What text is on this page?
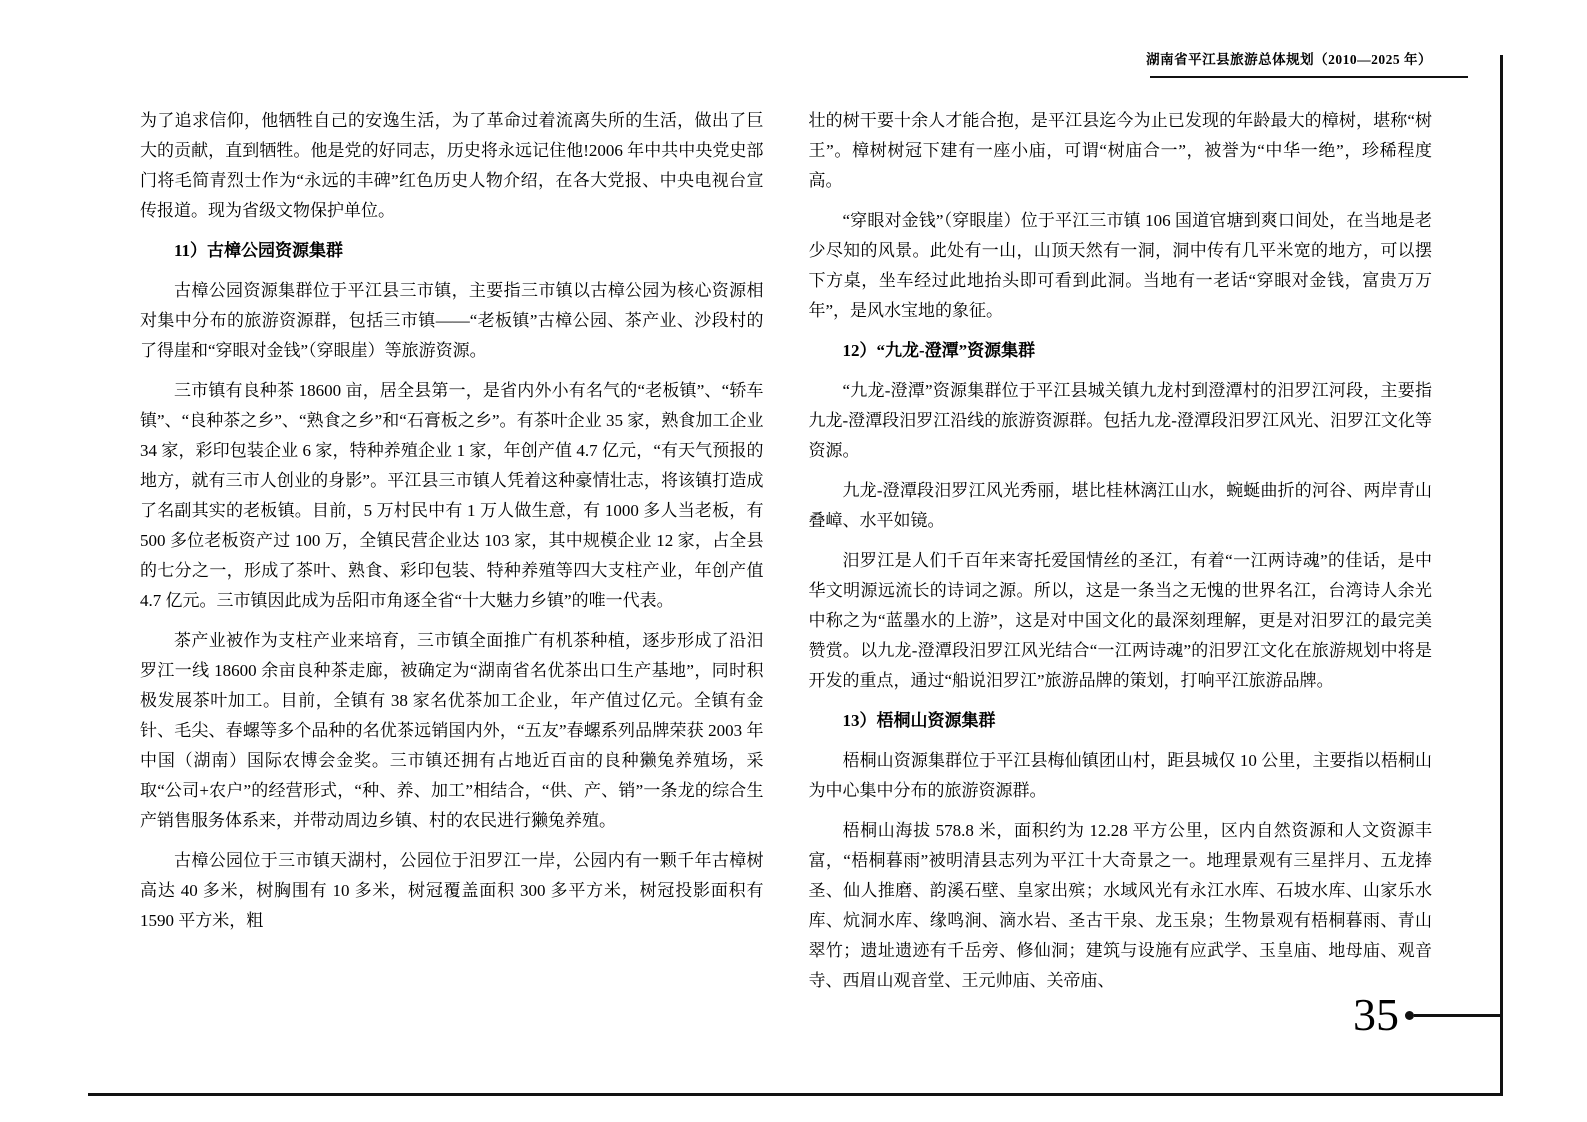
湖南省平江县旅游总体规划（2010—2025 年）

为了追求信仰，他牺牲自己的安逸生活，为了革命过着流离失所的生活，做出了巨大的贡献，直到牺牲。他是党的好同志，历史将永远记住他!2006 年中共中央党史部门将毛简青烈士作为“永远的丰碑”红色历史人物介绍，在各大党报、中央电视台宣传报道。现为省级文物保护单位。

11）古樟公园资源集群

古樟公园资源集群位于平江县三市镇，主要指三市镇以古樟公园为核心资源相对集中分布的旅游资源群，包括三市镇——“老板镇”古樟公园、茶产业、沙段村的了得崖和“穿眼对金钱”（穿眼崖）等旅游资源。

三市镇有良种茶 18600 亩，居全县第一，是省内外小有名气的“老板镇”、“轿车镇”、“良种茶之乡”、“熟食之乡”和“石膏板之乡”。有茶叶企业 35 家，熟食加工企业 34 家，彩印包装企业 6 家，特种养殖企业 1 家，年创产值 4.7 亿元，“有天气预报的地方，就有三市人创业的身影”。平江县三市镇人凭着这种豪情壮志，将该镇打造成了名副其实的老板镇。目前，5 万村民中有 1 万人做生意，有 1000 多人当老板，有 500 多位老板资产过 100 万，全镇民营企业达 103 家，其中规模企业 12 家，占全县的七分之一，形成了茶叶、熟食、彩印包装、特种养殖等四大支柱产业，年创产值 4.7 亿元。三市镇因此成为岳阳市角逐全省“十大魅力乡镇”的唯一代表。

茶产业被作为支柱产业来培育，三市镇全面推广有机茶种植，逐步形成了沿汨罗江一线 18600 余亩良种茶走廊，被确定为“湖南省名优茶出口生产基地”，同时积极发展茶叶加工。目前，全镇有 38 家名优茶加工企业，年产值过亿元。全镇有金针、毛尖、春螺等多个品种的名优茶远销国内外，“五友”春螺系列品牌荣获 2003 年中国（湖南）国际农博会金奖。三市镇还拥有占地近百亩的良种獭兔养殖场，采取“公司+农户”的经营形式，“种、养、加工”相结合，“供、产、销”一条龙的综合生产销售服务体系来，并带动周边乡镇、村的农民进行獭兔养殖。

古樟公园位于三市镇天湖村，公园位于汨罗江一岸，公园内有一颗千年古樟树高达 40 多米，树胸围有 10 多米，树冠覆盖面积 300 多平方米，树冠投影面积有 1590 平方米，粗

壮的树干要十余人才能合抱，是平江县迄今为止已发现的年龄最大的樟树，堪称“树王”。樟树树冠下建有一座小庙，可谓“树庙合一”，被誉为“中华一绝”，珍稀程度高。

“穿眼对金钱”（穿眼崖）位于平江三市镇 106 国道官塘到爽口间处，在当地是老少尽知的风景。此处有一山，山顶天然有一洞，洞中传有几平米宽的地方，可以摆下方桌，坐车经过此地抬头即可看到此洞。当地有一老话“穿眼对金钱，富贵万万年”，是风水宝地的象征。

12）“九龙-澄潭”资源集群

“九龙-澄潭”资源集群位于平江县城关镇九龙村到澄潭村的汨罗江河段，主要指九龙-澄潭段汨罗江沿线的旅游资源群。包括九龙-澄潭段汨罗江风光、汨罗江文化等资源。

九龙-澄潭段汨罗江风光秀丽，堪比桂林漓江山水，蜿蜒曲折的河谷、两岸青山叠嶂、水平如镜。

汨罗江是人们千百年来寄托爱国情丝的圣江，有着“一江两诗魂”的佳话，是中华文明源远流长的诗词之源。所以，这是一条当之无愧的世界名江，台湾诗人余光中称之为“蓝墨水的上游”，这是对中国文化的最深刻理解，更是对汨罗江的最完美赞赏。以九龙-澄潭段汨罗江风光结合“一江两诗魂”的汨罗江文化在旅游规划中将是开发的重点，通过“船说汨罗江”旅游品牌的策划，打响平江旅游品牌。

13）梧桐山资源集群

梧桐山资源集群位于平江县梅仙镇团山村，距县城仅 10 公里，主要指以梧桐山为中心集中分布的旅游资源群。

梧桐山海拔 578.8 米，面积约为 12.28 平方公里，区内自然资源和人文资源丰富，“梧桐暮雨”被明清县志列为平江十大奇景之一。地理景观有三星拌月、五龙捧圣、仙人推磨、韵溪石壁、皇家出殡；水域风光有永江水库、石坡水库、山家乐水库、炕洞水库、缘鸣涧、滴水岩、圣古干泉、龙玉泉；生物景观有梧桐暮雨、青山翠竹；遗址遗迹有千岳旁、修仙洞；建筑与设施有应武学、玉皇庙、地母庙、观音寺、西眉山观音堂、王元帅庙、关帝庙、

35
